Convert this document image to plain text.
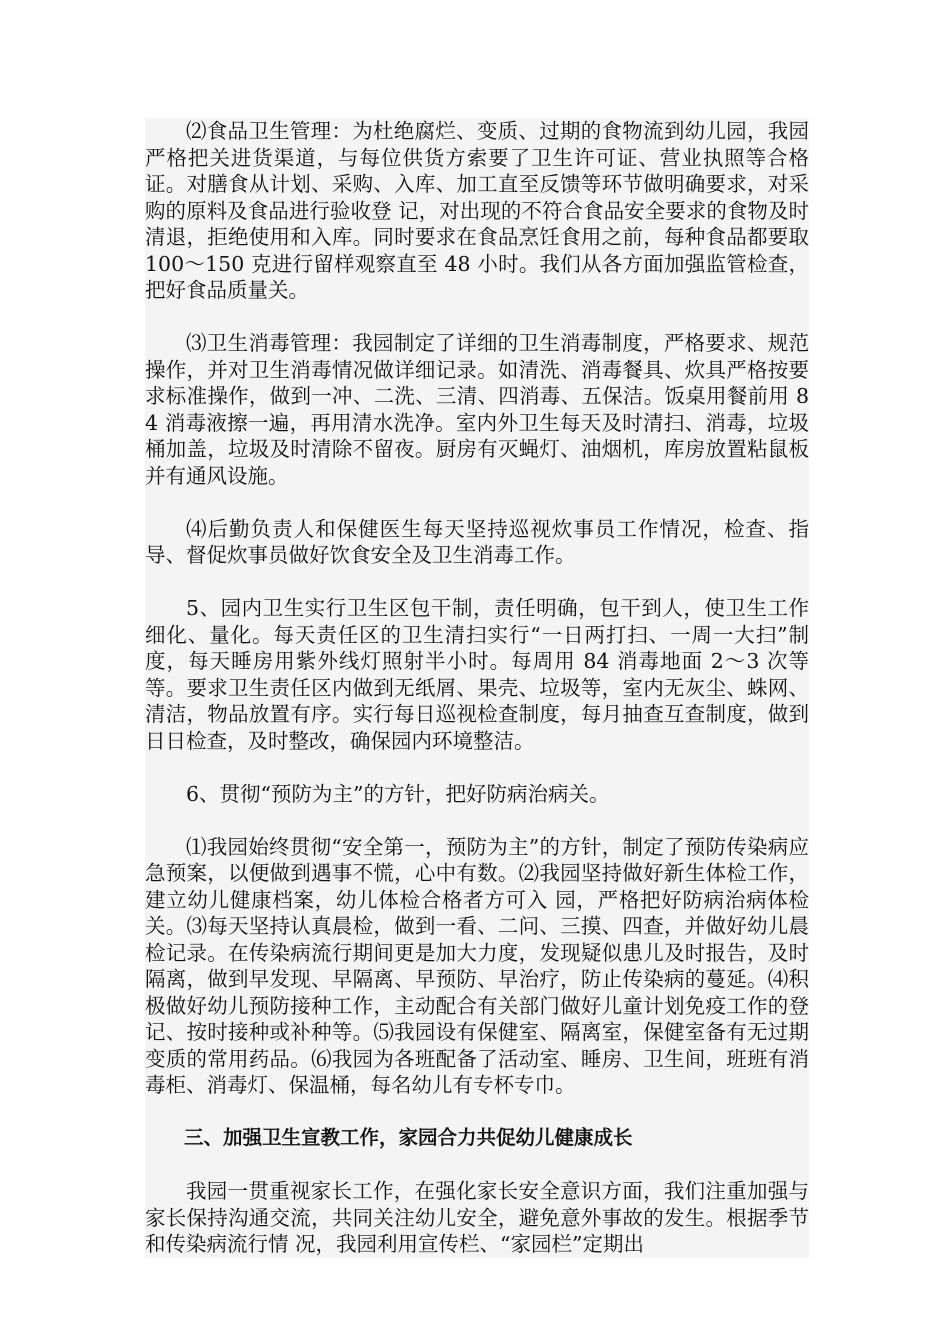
⑵食品卫生管理：为杜绝腐烂、变质、过期的食物流到幼儿园，我园严格把关进货渠道，与每位供货方索要了卫生许可证、营业执照等合格证。对膳食从计划、采购、入库、加工直至反馈等环节做明确要求，对采购的原料及食品进行验收登 记，对出现的不符合食品安全要求的食物及时清退，拒绝使用和入库。同时要求在食品烹饪食用之前，每种食品都要取 100～150 克进行留样观察直至 48 小时。我们从各方面加强监管检查，把好食品质量关。

⑶卫生消毒管理：我园制定了详细的卫生消毒制度，严格要求、规范操作，并对卫生消毒情况做详细记录。如清洗、消毒餐具、炊具严格按要求标准操作，做到一冲、二洗、三清、四消毒、五保洁。饭桌用餐前用 84 消毒液擦一遍，再用清水洗净。室内外卫生每天及时清扫、消毒，垃圾桶加盖，垃圾及时清除不留夜。厨房有灭蝇灯、油烟机，库房放置粘鼠板并有通风设施。

⑷后勤负责人和保健医生每天坚持巡视炊事员工作情况，检查、指导、督促炊事员做好饮食安全及卫生消毒工作。

5、园内卫生实行卫生区包干制，责任明确，包干到人，使卫生工作细化、量化。每天责任区的卫生清扫实行“一日两打扫、一周一大扫”制度，每天睡房用紫外线灯照射半小时。每周用 84 消毒地面 2～3 次等等。要求卫生责任区内做到无纸屑、果壳、垃圾等，室内无灰尘、蛛网、清洁，物品放置有序。实行每日巡视检查制度，每月抽查互查制度，做到日日检查，及时整改，确保园内环境整洁。

6、贯彻“预防为主”的方针，把好防病治病关。

⑴我园始终贯彻“安全第一，预防为主”的方针，制定了预防传染病应急预案，以便做到遇事不慌，心中有数。⑵我园坚持做好新生体检工作，建立幼儿健康档案，幼儿体检合格者方可入 园，严格把好防病治病体检关。⑶每天坚持认真晨检，做到一看、二问、三摸、四查，并做好幼儿晨检记录。在传染病流行期间更是加大力度，发现疑似患儿及时报告，及时隔离，做到早发现、早隔离、早预防、早治疗，防止传染病的蔓延。⑷积极做好幼儿预防接种工作，主动配合有关部门做好儿童计划免疫工作的登记、按时接种或补种等。⑸我园设有保健室、隔离室，保健室备有无过期变质的常用药品。⑹我园为各班配备了活动室、睡房、卫生间，班班有消毒柜、消毒灯、保温桶，每名幼儿有专杯专巾。

三、加强卫生宣教工作，家园合力共促幼儿健康成长

我园一贯重视家长工作，在强化家长安全意识方面，我们注重加强与家长保持沟通交流，共同关注幼儿安全，避免意外事故的发生。根据季节和传染病流行情 况，我园利用宣传栏、“家园栏”定期出
